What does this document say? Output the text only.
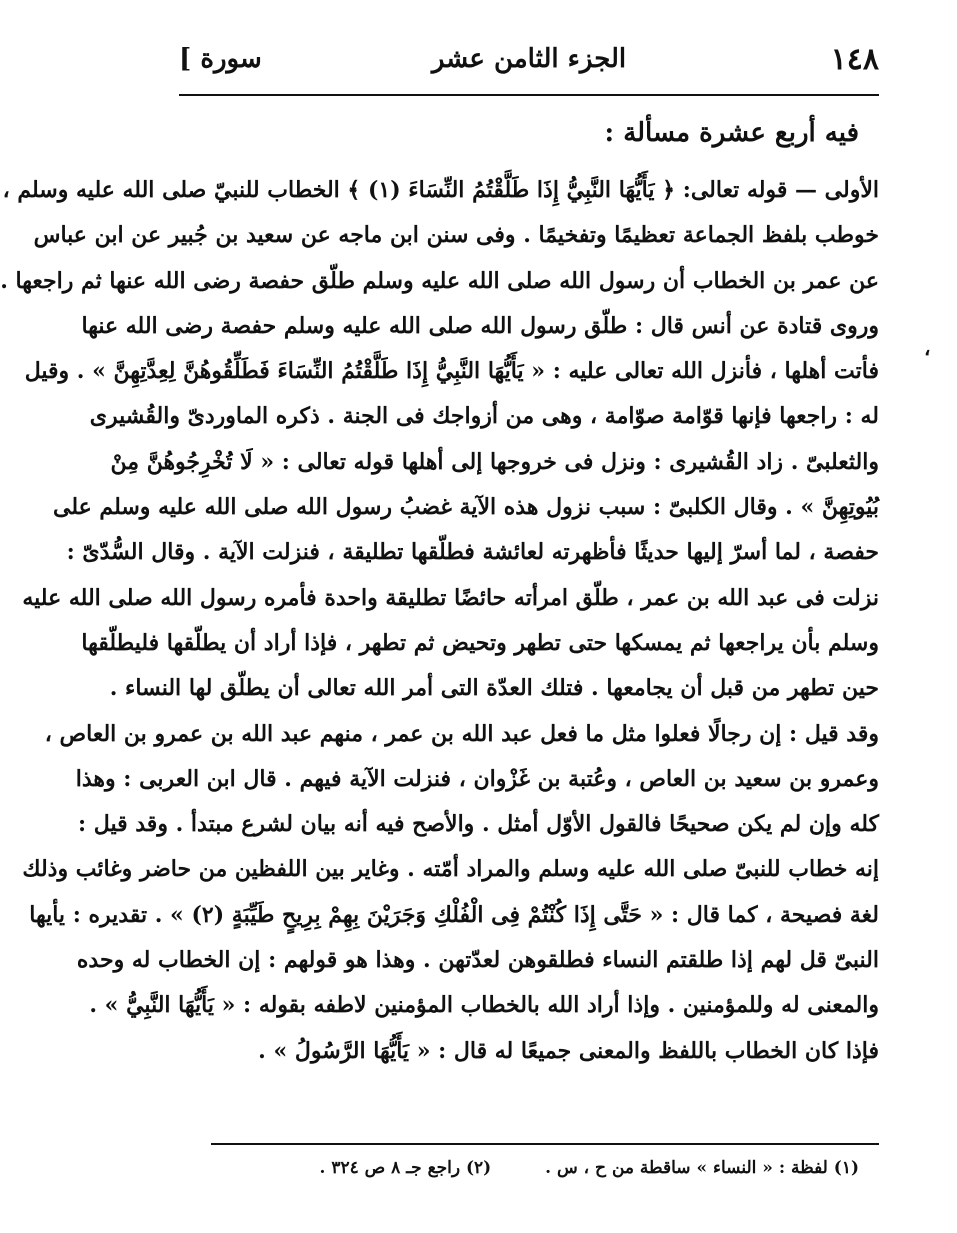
١٤٨
الجزء الثامن عشر
سورة ]
،
فيه أربع عشرة مسألة :
الأولى — قوله تعالى: ﴿ يَأَيُّهَا النَّبِيُّ إِذَا طَلَّقْتُمُ النِّسَاءَ (١) ﴾ الخطاب للنبيّ صلى الله عليه وسلم ،
خوطب بلفظ الجماعة تعظيمًا وتفخيمًا . وفى سنن ابن ماجه عن سعيد بن جُبير عن ابن عباس
عن عمر بن الخطاب أن رسول الله صلى الله عليه وسلم طلّق حفصة رضى الله عنها ثم راجعها .
وروى قتادة عن أنس قال : طلّق رسول الله صلى الله عليه وسلم حفصة رضى الله عنها
فأتت أهلها ، فأنزل الله تعالى عليه : « يَأَيُّهَا النَّبِيُّ إِذَا طَلَّقْتُمُ النِّسَاءَ فَطَلِّقُوهُنَّ لِعِدَّتِهِنَّ » . وقيل
له : راجعها فإنها قوّامة صوّامة ، وهى من أزواجك فى الجنة . ذكره الماوردىّ والقُشيرى
والثعلبىّ . زاد القُشيرى : ونزل فى خروجها إلى أهلها قوله تعالى : « لَا تُخْرِجُوهُنَّ مِنْ
بُيُوتِهِنَّ » . وقال الكلبىّ : سبب نزول هذه الآية غضبُ رسول الله صلى الله عليه وسلم على
حفصة ، لما أسرّ إليها حديثًا فأظهرته لعائشة فطلّقها تطليقة ، فنزلت الآية . وقال السُّدّىّ :
نزلت فى عبد الله بن عمر ، طلّق امرأته حائضًا تطليقة واحدة فأمره رسول الله صلى الله عليه
وسلم بأن يراجعها ثم يمسكها حتى تطهر وتحيض ثم تطهر ، فإذا أراد أن يطلّقها فليطلّقها
حين تطهر من قبل أن يجامعها . فتلك العدّة التى أمر الله تعالى أن يطلّق لها النساء .
وقد قيل : إن رجالًا فعلوا مثل ما فعل عبد الله بن عمر ، منهم عبد الله بن عمرو بن العاص ،
وعمرو بن سعيد بن العاص ، وعُتبة بن غَزْوان ، فنزلت الآية فيهم . قال ابن العربى : وهذا
كله وإن لم يكن صحيحًا فالقول الأوّل أمثل . والأصح فيه أنه بيان لشرع مبتدأ . وقد قيل :
إنه خطاب للنبىّ صلى الله عليه وسلم والمراد أمّته . وغاير بين اللفظين من حاضر وغائب وذلك
لغة فصيحة ، كما قال : « حَتَّى إِذَا كُنْتُمْ فِى الْفُلْكِ وَجَرَيْنَ بِهِمْ بِرِيحٍ طَيِّبَةٍ (٢) » . تقديره : يأيها
النبىّ قل لهم إذا طلقتم النساء فطلقوهن لعدّتهن . وهذا هو قولهم : إن الخطاب له وحده
والمعنى له وللمؤمنين . وإذا أراد الله بالخطاب المؤمنين لاطفه بقوله : « يَأَيُّهَا النَّبِيُّ » .
فإذا كان الخطاب باللفظ والمعنى جميعًا له قال : « يَأَيُّهَا الرَّسُولُ » .
(١) لفظة : « النساء » ساقطة من ح ، س . (٢) راجع جـ ٨ ص ٣٢٤ .
